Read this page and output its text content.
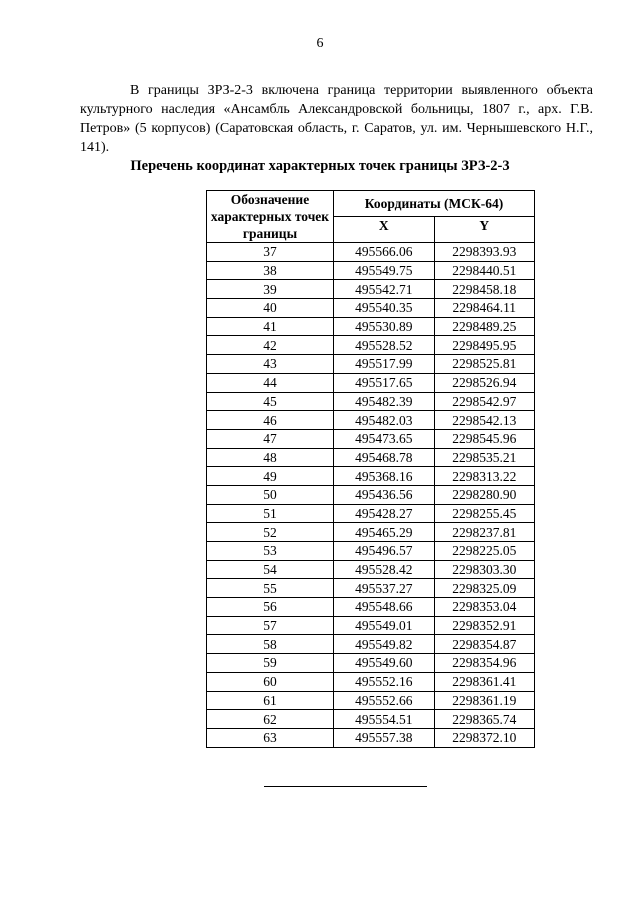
6

В границы ЗРЗ-2-3 включена граница территории выявленного объекта культурного наследия «Ансамбль Александровской больницы, 1807 г., арх. Г.В. Петров» (5 корпусов) (Саратовская область, г. Саратов, ул. им. Чернышевского Н.Г., 141).

Перечень координат характерных точек границы ЗРЗ-2-3
Обозначение характерных точек границы	Координаты (МСК-64)	
	X	Y
37	495566.06	2298393.93
38	495549.75	2298440.51
39	495542.71	2298458.18
40	495540.35	2298464.11
41	495530.89	2298489.25
42	495528.52	2298495.95
43	495517.99	2298525.81
44	495517.65	2298526.94
45	495482.39	2298542.97
46	495482.03	2298542.13
47	495473.65	2298545.96
48	495468.78	2298535.21
49	495368.16	2298313.22
50	495436.56	2298280.90
51	495428.27	2298255.45
52	495465.29	2298237.81
53	495496.57	2298225.05
54	495528.42	2298303.30
55	495537.27	2298325.09
56	495548.66	2298353.04
57	495549.01	2298352.91
58	495549.82	2298354.87
59	495549.60	2298354.96
60	495552.16	2298361.41
61	495552.66	2298361.19
62	495554.51	2298365.74
63	495557.38	2298372.10
